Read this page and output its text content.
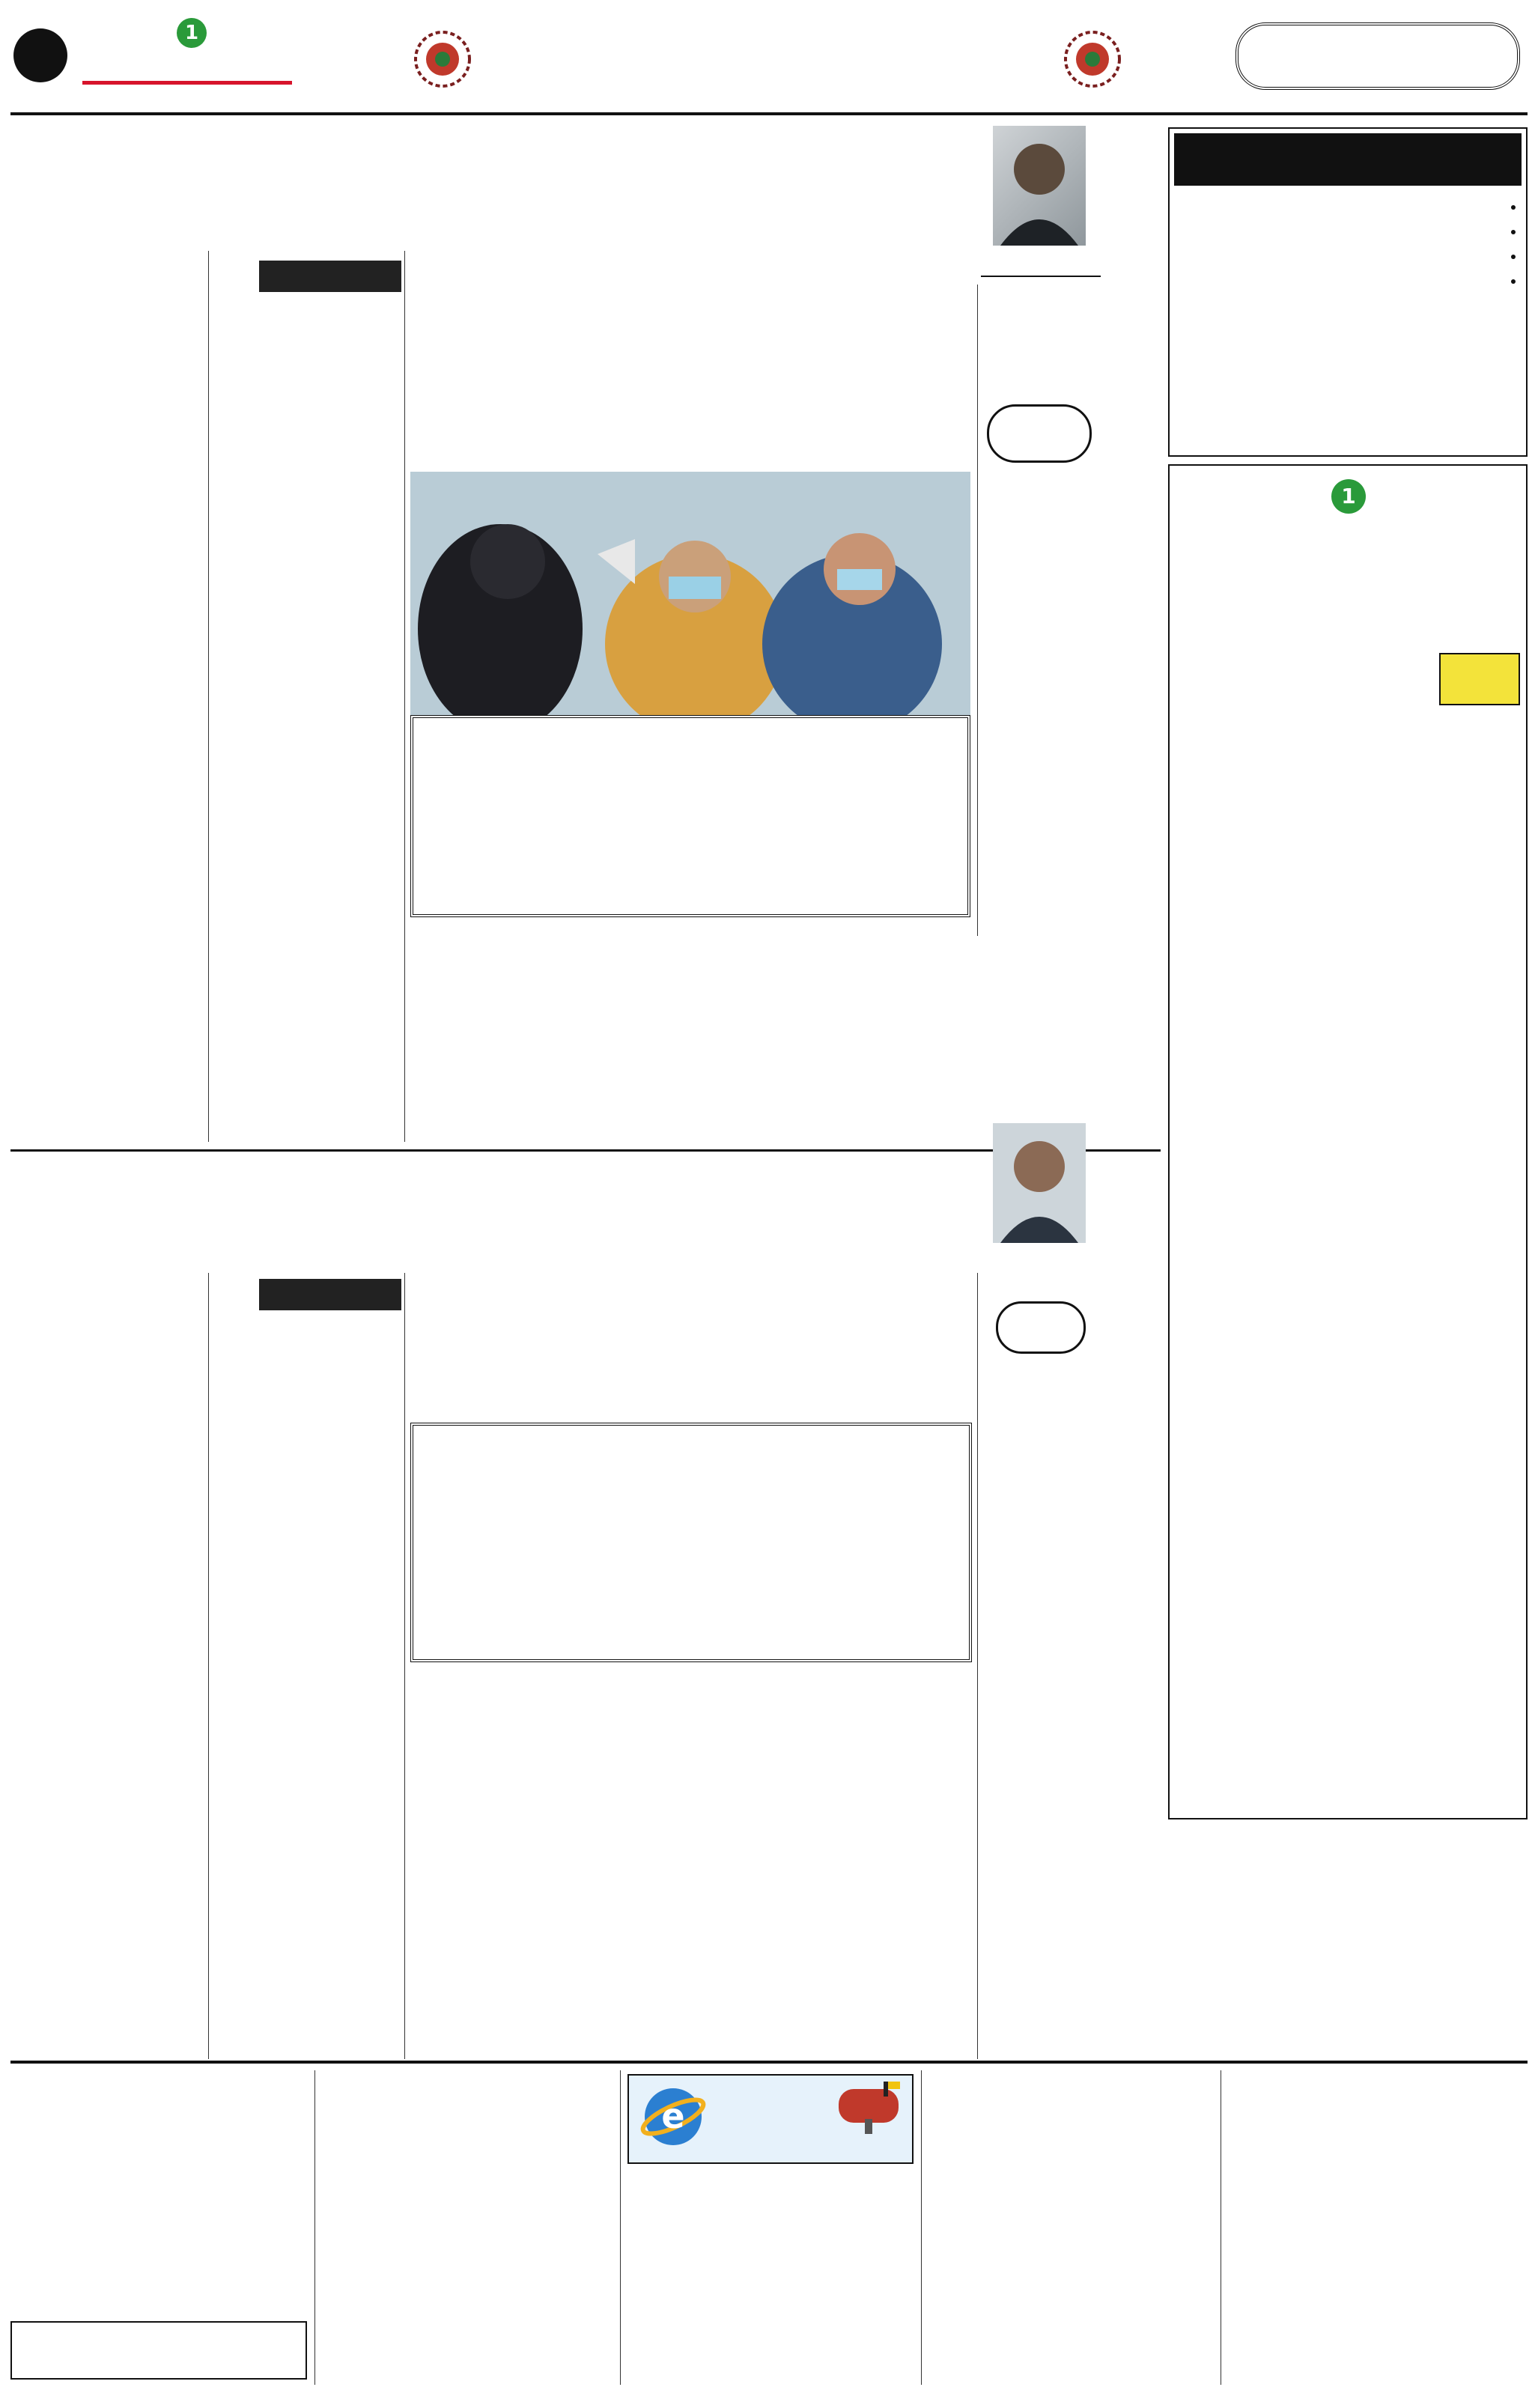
1
•
•
•
•
1
e
